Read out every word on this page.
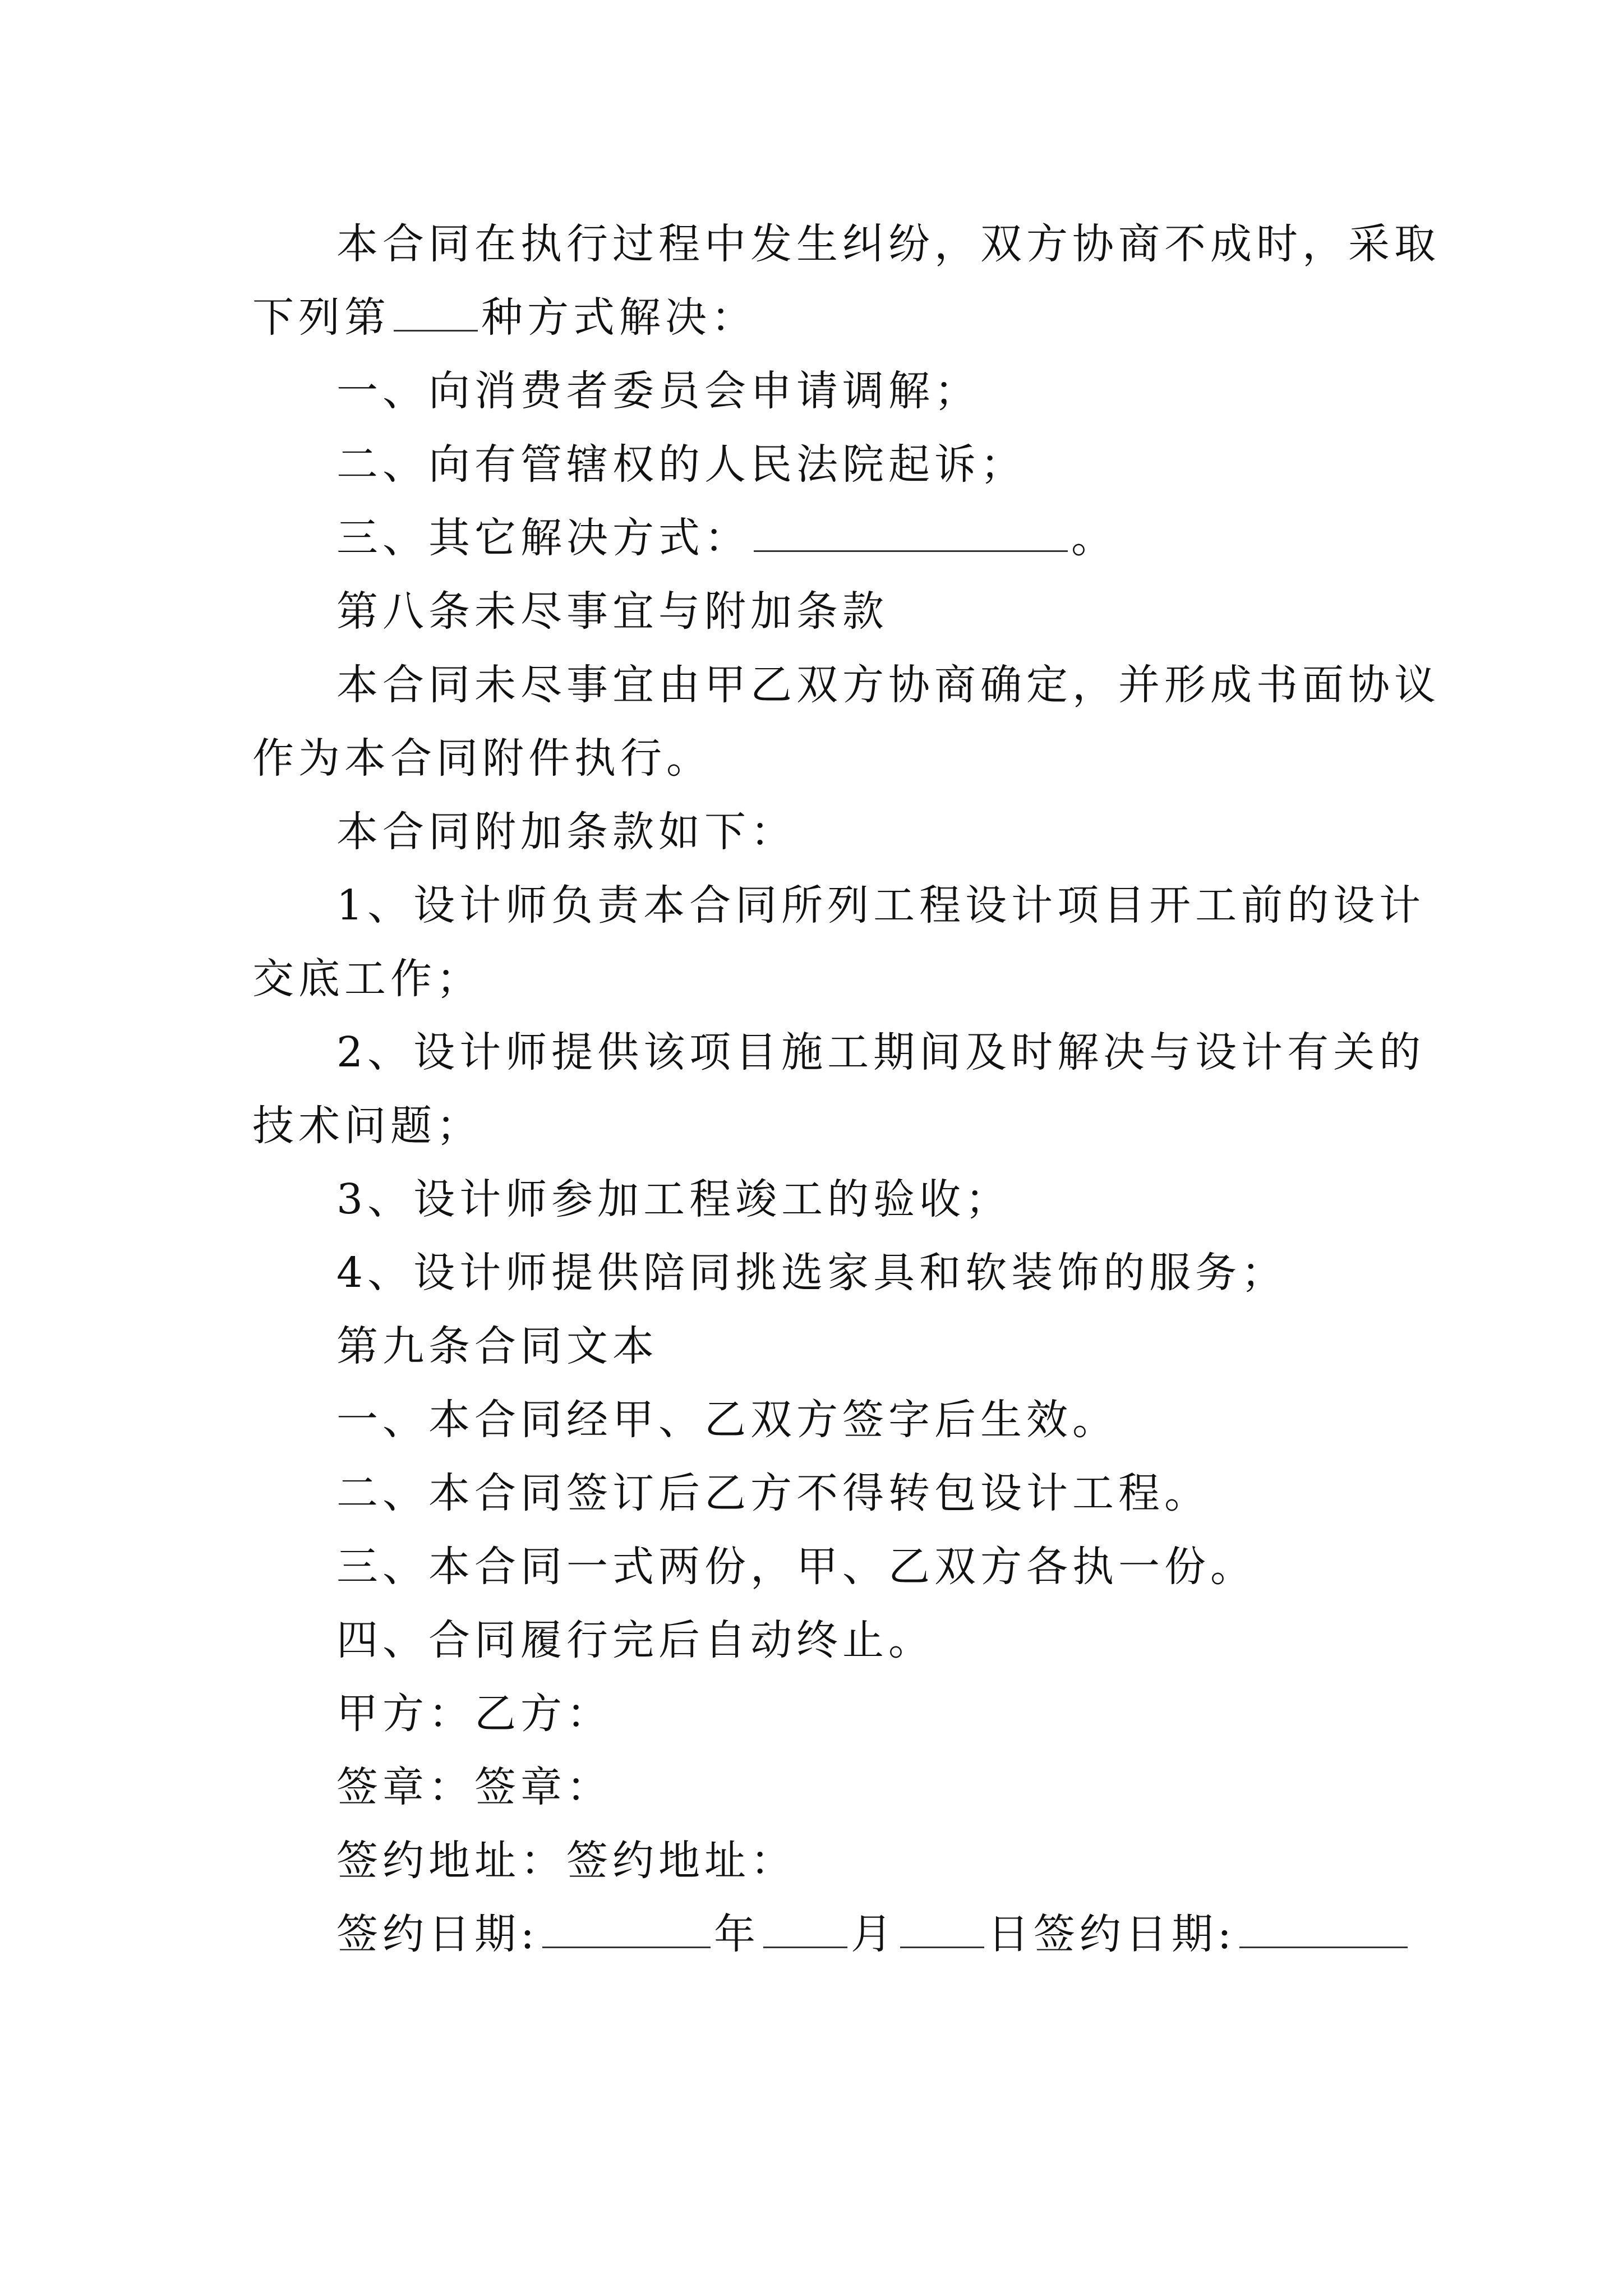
本合同在执行过程中发生纠纷，双方协商不成时，采取
下列第 种方式解决：
一、向消费者委员会申请调解；
二、向有管辖权的人民法院起诉；
三、其它解决方式：	。
第八条未尽事宜与附加条款
本合同未尽事宜由甲乙双方协商确定，并形成书面协议
作为本合同附件执行。
本合同附加条款如下：
1、设计师负责本合同所列工程设计项目开工前的设计
交底工作；
2、设计师提供该项目施工期间及时解决与设计有关的
技术问题；
3、设计师参加工程竣工的验收；
4、设计师提供陪同挑选家具和软装饰的服务；
第九条合同文本
一、本合同经甲、乙双方签字后生效。
二、本合同签订后乙方不得转包设计工程。
三、本合同一式两份，甲、乙双方各执一份。
四、合同履行完后自动终止。
甲方：乙方：
签章：签章：
签约地址：签约地址：
签约日期:	年 月 日签约日期:
